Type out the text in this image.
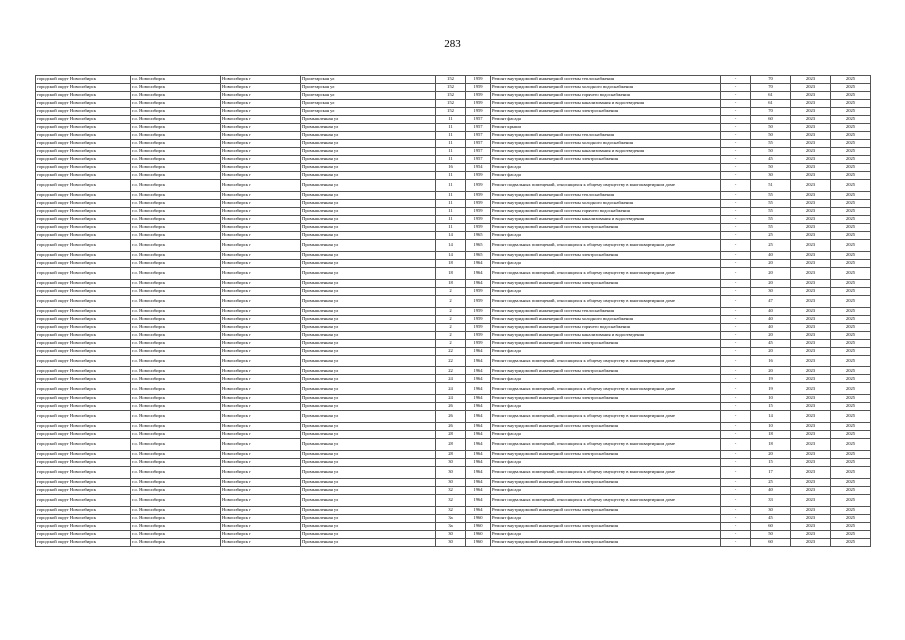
283
городской округ Новосибирск	г.о. Новосибирск	Новосибирск г	Пролетарская ул	152	1959	Ремонт внутридомовой инженерной системы теплоснабжения	-	70	2023	2025
городской округ Новосибирск	г.о. Новосибирск	Новосибирск г	Пролетарская ул	152	1959	Ремонт внутридомовой инженерной системы холодного водоснабжения	-	70	2023	2025
городской округ Новосибирск	г.о. Новосибирск	Новосибирск г	Пролетарская ул	152	1959	Ремонт внутридомовой инженерной системы горячего водоснабжения	-	61	2023	2025
городской округ Новосибирск	г.о. Новосибирск	Новосибирск г	Пролетарская ул	152	1959	Ремонт внутридомовой инженерной системы канализования и водоотведения	-	61	2023	2025
городской округ Новосибирск	г.о. Новосибирск	Новосибирск г	Пролетарская ул	152	1959	Ремонт внутридомовой инженерной системы электроснабжения	-	70	2023	2025
городской округ Новосибирск	г.о. Новосибирск	Новосибирск г	Промышленная ул	11	1957	Ремонт фасада	-	60	2023	2025
городской округ Новосибирск	г.о. Новосибирск	Новосибирск г	Промышленная ул	11	1957	Ремонт крыши	-	50	2023	2025
городской округ Новосибирск	г.о. Новосибирск	Новосибирск г	Промышленная ул	11	1957	Ремонт внутридомовой инженерной системы теплоснабжения	-	50	2023	2025
городской округ Новосибирск	г.о. Новосибирск	Новосибирск г	Промышленная ул	11	1957	Ремонт внутридомовой инженерной системы холодного водоснабжения	-	55	2023	2025
городской округ Новосибирск	г.о. Новосибирск	Новосибирск г	Промышленная ул	11	1957	Ремонт внутридомовой инженерной системы канализования и водоотведения	-	50	2023	2025
городской округ Новосибирск	г.о. Новосибирск	Новосибирск г	Промышленная ул	11	1957	Ремонт внутридомовой инженерной системы электроснабжения	-	45	2023	2025
городской округ Новосибирск	г.о. Новосибирск	Новосибирск г	Промышленная ул	16	1954	Ремонт фасада	-	50	2023	2025
городской округ Новосибирск	г.о. Новосибирск	Новосибирск г	Промышленная ул	11	1959	Ремонт фасада	-	30	2023	2025
городской округ Новосибирск	г.о. Новосибирск	Новосибирск г	Промышленная ул	11	1959	Ремонт подвальных помещений, относящихся к общему имуществу в многоквартирном доме	-	51	2023	2025
городской округ Новосибирск	г.о. Новосибирск	Новосибирск г	Промышленная ул	11	1959	Ремонт внутридомовой инженерной системы теплоснабжения	-	55	2023	2025
городской округ Новосибирск	г.о. Новосибирск	Новосибирск г	Промышленная ул	11	1959	Ремонт внутридомовой инженерной системы холодного водоснабжения	-	55	2023	2025
городской округ Новосибирск	г.о. Новосибирск	Новосибирск г	Промышленная ул	11	1959	Ремонт внутридомовой инженерной системы горячего водоснабжения	-	55	2023	2025
городской округ Новосибирск	г.о. Новосибирск	Новосибирск г	Промышленная ул	11	1959	Ремонт внутридомовой инженерной системы канализования и водоотведения	-	55	2023	2025
городской округ Новосибирск	г.о. Новосибирск	Новосибирск г	Промышленная ул	11	1959	Ремонт внутридомовой инженерной системы электроснабжения	-	55	2023	2025
городской округ Новосибирск	г.о. Новосибирск	Новосибирск г	Промышленная ул	14	1965	Ремонт фасада	-	25	2023	2025
городской округ Новосибирск	г.о. Новосибирск	Новосибирск г	Промышленная ул	14	1965	Ремонт подвальных помещений, относящихся к общему имуществу в многоквартирном доме	-	25	2023	2025
городской округ Новосибирск	г.о. Новосибирск	Новосибирск г	Промышленная ул	14	1965	Ремонт внутридомовой инженерной системы электроснабжения	-	40	2023	2025
городской округ Новосибирск	г.о. Новосибирск	Новосибирск г	Промышленная ул	18	1964	Ремонт фасада	-	20	2023	2025
городской округ Новосибирск	г.о. Новосибирск	Новосибирск г	Промышленная ул	18	1964	Ремонт подвальных помещений, относящихся к общему имуществу в многоквартирном доме	-	20	2023	2025
городской округ Новосибирск	г.о. Новосибирск	Новосибирск г	Промышленная ул	18	1964	Ремонт внутридомовой инженерной системы электроснабжения	-	20	2023	2025
городской округ Новосибирск	г.о. Новосибирск	Новосибирск г	Промышленная ул	2	1959	Ремонт фасада	-	30	2023	2025
городской округ Новосибирск	г.о. Новосибирск	Новосибирск г	Промышленная ул	2	1959	Ремонт подвальных помещений, относящихся к общему имуществу в многоквартирном доме	-	47	2023	2025
городской округ Новосибирск	г.о. Новосибирск	Новосибирск г	Промышленная ул	2	1959	Ремонт внутридомовой инженерной системы теплоснабжения	-	40	2023	2025
городской округ Новосибирск	г.о. Новосибирск	Новосибирск г	Промышленная ул	2	1959	Ремонт внутридомовой инженерной системы холодного водоснабжения	-	40	2023	2025
городской округ Новосибирск	г.о. Новосибирск	Новосибирск г	Промышленная ул	2	1959	Ремонт внутридомовой инженерной системы горячего водоснабжения	-	40	2023	2025
городской округ Новосибирск	г.о. Новосибирск	Новосибирск г	Промышленная ул	2	1959	Ремонт внутридомовой инженерной системы канализования и водоотведения	-	20	2023	2025
городской округ Новосибирск	г.о. Новосибирск	Новосибирск г	Промышленная ул	2	1959	Ремонт внутридомовой инженерной системы электроснабжения	-	45	2023	2025
городской округ Новосибирск	г.о. Новосибирск	Новосибирск г	Промышленная ул	22	1964	Ремонт фасада	-	20	2023	2025
городской округ Новосибирск	г.о. Новосибирск	Новосибирск г	Промышленная ул	22	1964	Ремонт подвальных помещений, относящихся к общему имуществу в многоквартирном доме	-	16	2023	2025
городской округ Новосибирск	г.о. Новосибирск	Новосибирск г	Промышленная ул	22	1964	Ремонт внутридомовой инженерной системы электроснабжения	-	20	2023	2025
городской округ Новосибирск	г.о. Новосибирск	Новосибирск г	Промышленная ул	24	1964	Ремонт фасада	-	19	2023	2025
городской округ Новосибирск	г.о. Новосибирск	Новосибирск г	Промышленная ул	24	1964	Ремонт подвальных помещений, относящихся к общему имуществу в многоквартирном доме	-	19	2023	2025
городской округ Новосибирск	г.о. Новосибирск	Новосибирск г	Промышленная ул	24	1964	Ремонт внутридомовой инженерной системы электроснабжения	-	10	2023	2025
городской округ Новосибирск	г.о. Новосибирск	Новосибирск г	Промышленная ул	26	1964	Ремонт фасада	-	15	2023	2025
городской округ Новосибирск	г.о. Новосибирск	Новосибирск г	Промышленная ул	26	1964	Ремонт подвальных помещений, относящихся к общему имуществу в многоквартирном доме	-	14	2023	2025
городской округ Новосибирск	г.о. Новосибирск	Новосибирск г	Промышленная ул	26	1964	Ремонт внутридомовой инженерной системы электроснабжения	-	10	2023	2025
городской округ Новосибирск	г.о. Новосибирск	Новосибирск г	Промышленная ул	28	1964	Ремонт фасада	-	18	2023	2025
городской округ Новосибирск	г.о. Новосибирск	Новосибирск г	Промышленная ул	28	1964	Ремонт подвальных помещений, относящихся к общему имуществу в многоквартирном доме	-	18	2023	2025
городской округ Новосибирск	г.о. Новосибирск	Новосибирск г	Промышленная ул	28	1964	Ремонт внутридомовой инженерной системы электроснабжения	-	20	2023	2025
городской округ Новосибирск	г.о. Новосибирск	Новосибирск г	Промышленная ул	30	1964	Ремонт фасада	-	15	2023	2025
городской округ Новосибирск	г.о. Новосибирск	Новосибирск г	Промышленная ул	30	1964	Ремонт подвальных помещений, относящихся к общему имуществу в многоквартирном доме	-	17	2023	2025
городской округ Новосибирск	г.о. Новосибирск	Новосибирск г	Промышленная ул	30	1964	Ремонт внутридомовой инженерной системы электроснабжения	-	25	2023	2025
городской округ Новосибирск	г.о. Новосибирск	Новосибирск г	Промышленная ул	32	1964	Ремонт фасада	-	40	2023	2025
городской округ Новосибирск	г.о. Новосибирск	Новосибирск г	Промышленная ул	32	1964	Ремонт подвальных помещений, относящихся к общему имуществу в многоквартирном доме	-	33	2023	2025
городской округ Новосибирск	г.о. Новосибирск	Новосибирск г	Промышленная ул	32	1964	Ремонт внутридомовой инженерной системы электроснабжения	-	30	2023	2025
городской округ Новосибирск	г.о. Новосибирск	Новосибирск г	Промышленная ул	3а	1960	Ремонт фасада	-	45	2023	2025
городской округ Новосибирск	г.о. Новосибирск	Новосибирск г	Промышленная ул	3а	1960	Ремонт внутридомовой инженерной системы электроснабжения	-	60	2023	2025
городской округ Новосибирск	г.о. Новосибирск	Новосибирск г	Промышленная ул	30	1960	Ремонт фасада	-	50	2023	2025
городской округ Новосибирск	г.о. Новосибирск	Новосибирск г	Промышленная ул	30	1960	Ремонт внутридомовой инженерной системы электроснабжения	-	60	2023	2025
